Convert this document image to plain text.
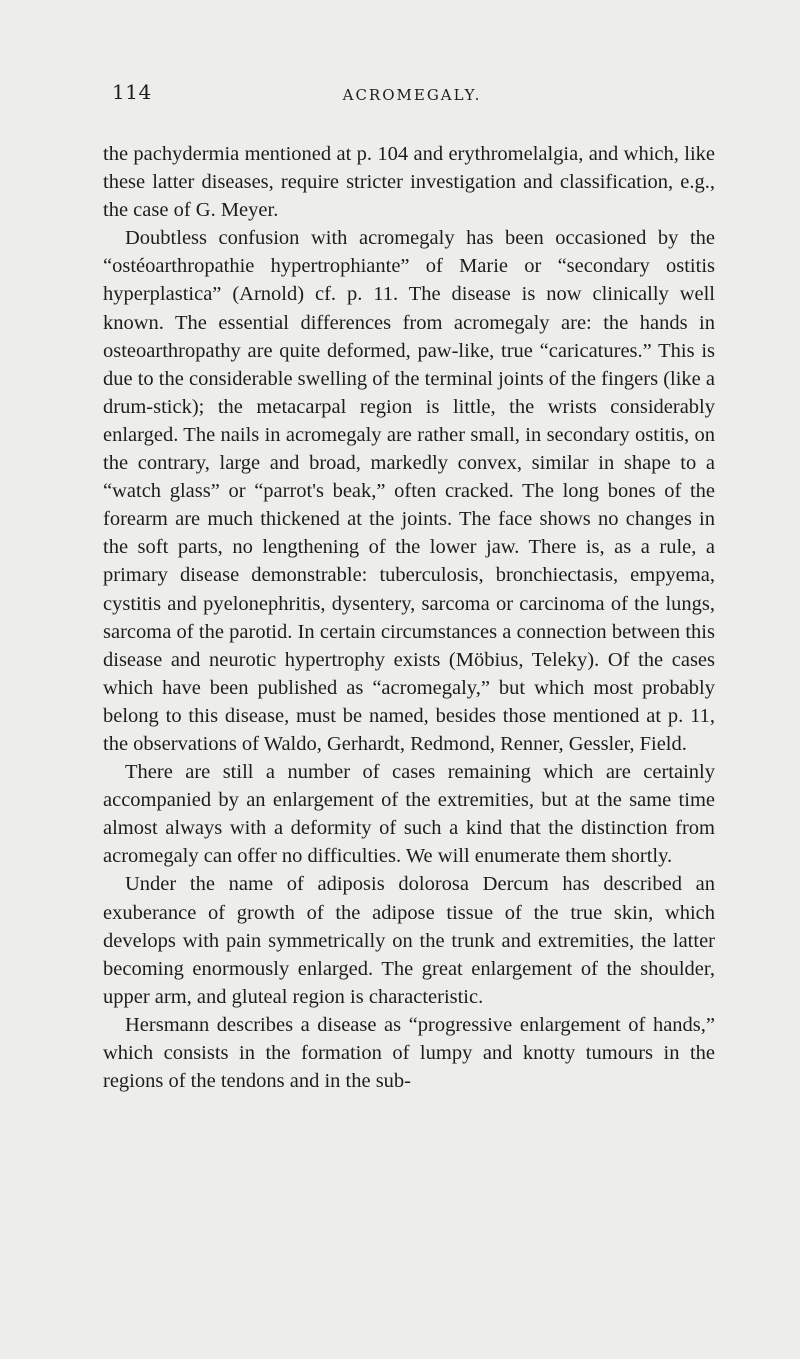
114	ACROMEGALY.

the pachydermia mentioned at p. 104 and erythromelalgia, and which, like these latter diseases, require stricter investigation and classification, e.g., the case of G. Meyer.

Doubtless confusion with acromegaly has been occasioned by the “ostéoarthropathie hypertrophiante” of Marie or “secondary ostitis hyperplastica” (Arnold) cf. p. 11. The disease is now clinically well known. The essential differences from acromegaly are: the hands in osteoarthropathy are quite deformed, paw-like, true “caricatures.” This is due to the considerable swelling of the terminal joints of the fingers (like a drum-stick); the metacarpal region is little, the wrists considerably enlarged. The nails in acromegaly are rather small, in secondary ostitis, on the contrary, large and broad, markedly convex, similar in shape to a “watch glass” or “parrot's beak,” often cracked. The long bones of the forearm are much thickened at the joints. The face shows no changes in the soft parts, no lengthening of the lower jaw. There is, as a rule, a primary disease demonstrable: tuberculosis, bronchiectasis, empyema, cystitis and pyelonephritis, dysentery, sarcoma or carcinoma of the lungs, sarcoma of the parotid. In certain circumstances a connection between this disease and neurotic hypertrophy exists (Möbius, Teleky). Of the cases which have been published as “acromegaly,” but which most probably belong to this disease, must be named, besides those mentioned at p. 11, the observations of Waldo, Gerhardt, Redmond, Renner, Gessler, Field.

There are still a number of cases remaining which are certainly accompanied by an enlargement of the extremities, but at the same time almost always with a deformity of such a kind that the distinction from acromegaly can offer no difficulties. We will enumerate them shortly.

Under the name of adiposis dolorosa Dercum has described an exuberance of growth of the adipose tissue of the true skin, which develops with pain symmetrically on the trunk and extremities, the latter becoming enormously enlarged. The great enlargement of the shoulder, upper arm, and gluteal region is characteristic.

Hersmann describes a disease as “progressive enlargement of hands,” which consists in the formation of lumpy and knotty tumours in the regions of the tendons and in the sub-
